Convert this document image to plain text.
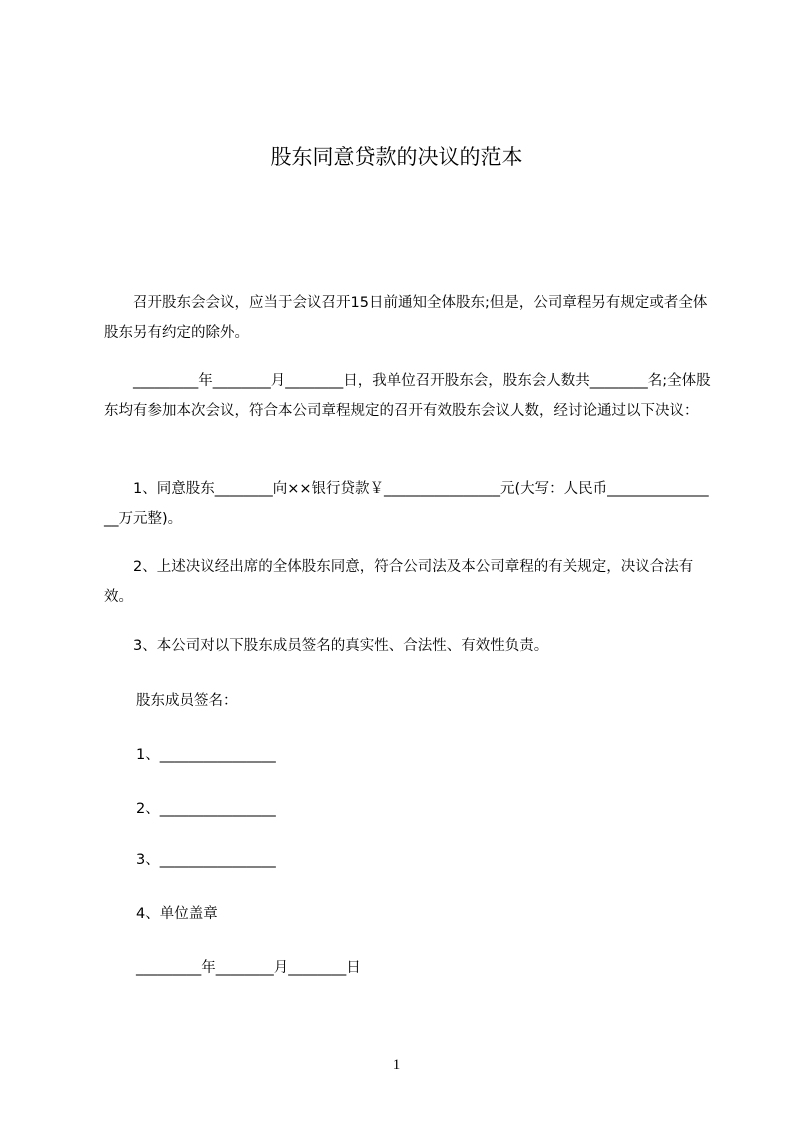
股东同意贷款的决议的范本
召开股东会会议，应当于会议召开15日前通知全体股东;但是，公司章程另有规定或者全体股东另有约定的除外。
_________年________月________日，我单位召开股东会，股东会人数共________名;全体股东均有参加本次会议，符合本公司章程规定的召开有效股东会议人数，经讨论通过以下决议：
1、同意股东________向××银行贷款￥________________元(大写：人民币________________万元整)。
2、上述决议经出席的全体股东同意，符合公司法及本公司章程的有关规定，决议合法有效。
3、本公司对以下股东成员签名的真实性、合法性、有效性负责。
股东成员签名：
1、________________
2、________________
3、________________
4、单位盖章
_________年________月________日
1
